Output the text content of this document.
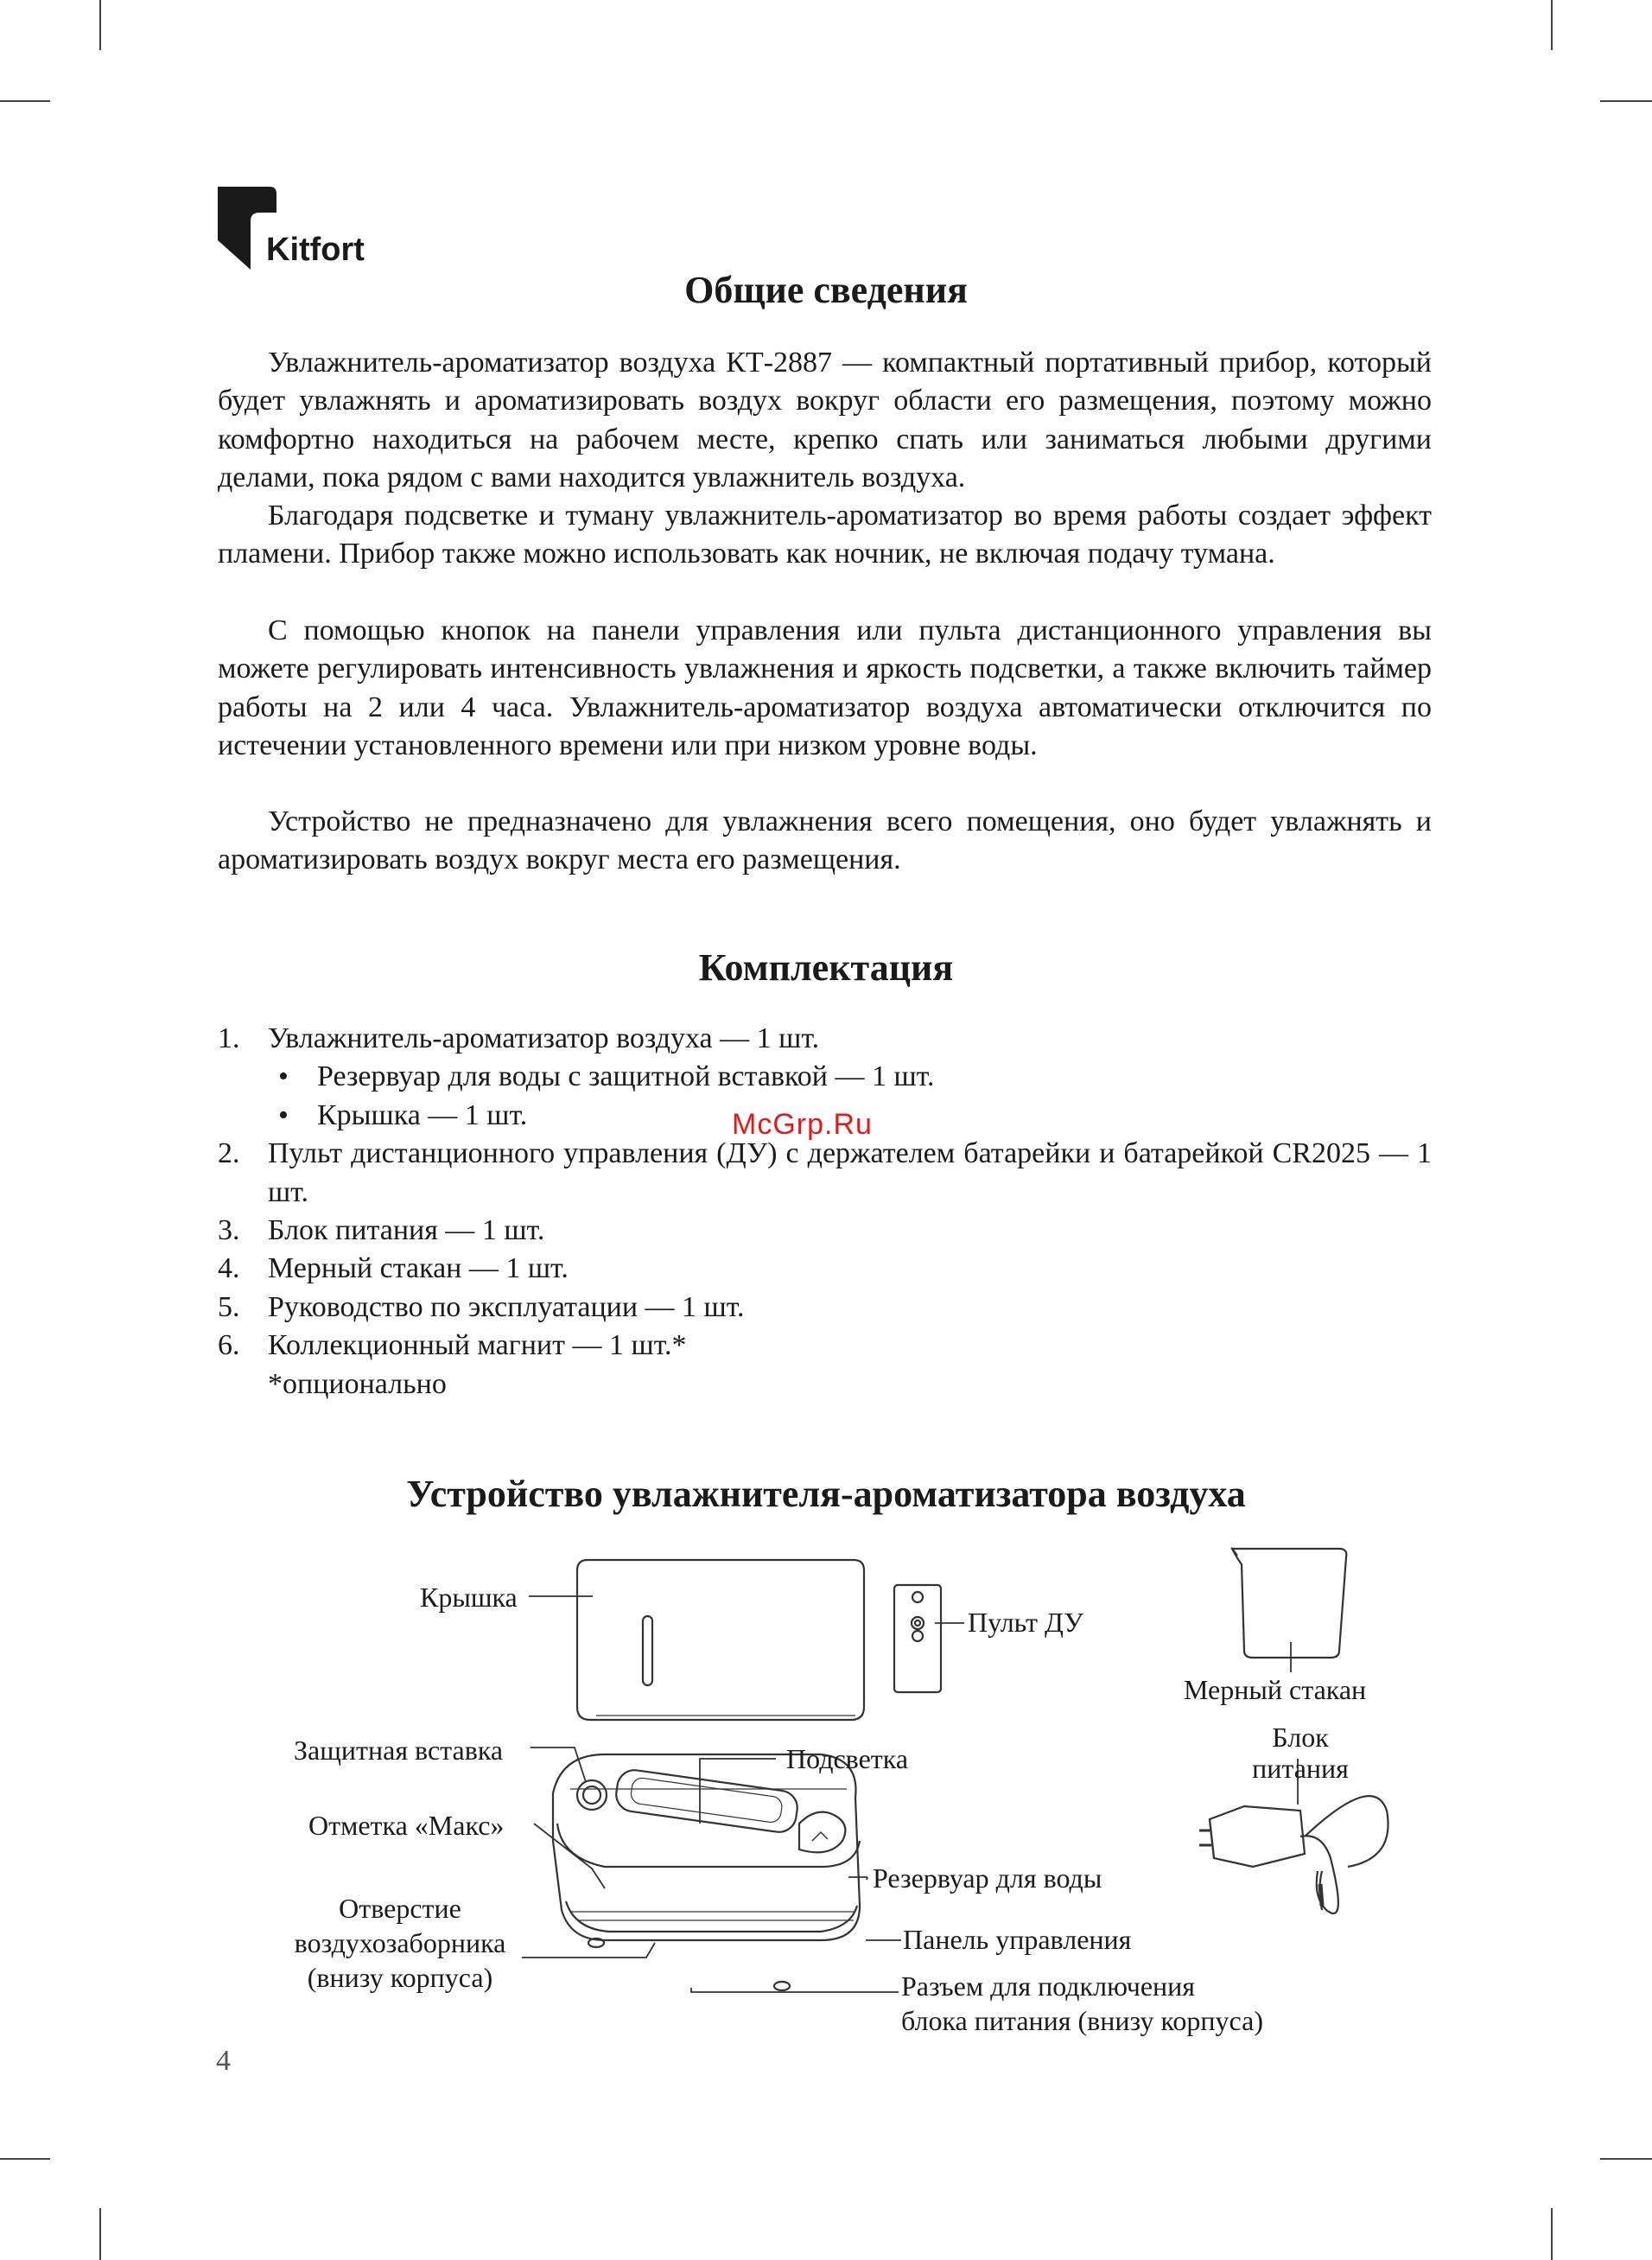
Kitfort
Общие сведения

Увлажнитель-ароматизатор воздуха КТ-2887 — компактный портативный прибор, который будет увлажнять и ароматизировать воздух вокруг области его размещения, поэтому можно комфортно находиться на рабочем месте, крепко спать или заниматься любыми другими делами, пока рядом с вами находится увлажнитель воздуха.

Благодаря подсветке и туману увлажнитель-ароматизатор во время работы создает эффект пламени. Прибор также можно использовать как ночник, не включая подачу тумана.

С помощью кнопок на панели управления или пульта дистанционного управления вы можете регулировать интенсивность увлажнения и яркость подсветки, а также включить таймер работы на 2 или 4 часа. Увлажнитель-ароматизатор воздуха автоматически отключится по истечении установленного времени или при низком уровне воды.

Устройство не предназначено для увлажнения всего помещения, оно будет увлажнять и ароматизировать воздух вокруг места его размещения.

Комплектация
1. Увлажнитель-ароматизатор воздуха — 1 шт.
• Резервуар для воды с защитной вставкой — 1 шт.
• Крышка — 1 шт.
2. Пульт дистанционного управления (ДУ) с держателем батарейки и батарейкой CR2025 — 1 шт.
3. Блок питания — 1 шт.
4. Мерный стакан — 1 шт.
5. Руководство по эксплуатации — 1 шт.
6. Коллекционный магнит — 1 шт.*
*опционально
McGrp.Ru
Устройство увлажнителя-ароматизатора воздуха
Крышка
Пульт ДУ
Мерный стакан
Блок
питания
Защитная вставка	Подсветка
Отметка «Макс»
Резервуар для воды
Отверстие
воздухозаборника
(внизу корпуса)
Панель управления
Разъем для подключения
блока питания (внизу корпуса)
4
